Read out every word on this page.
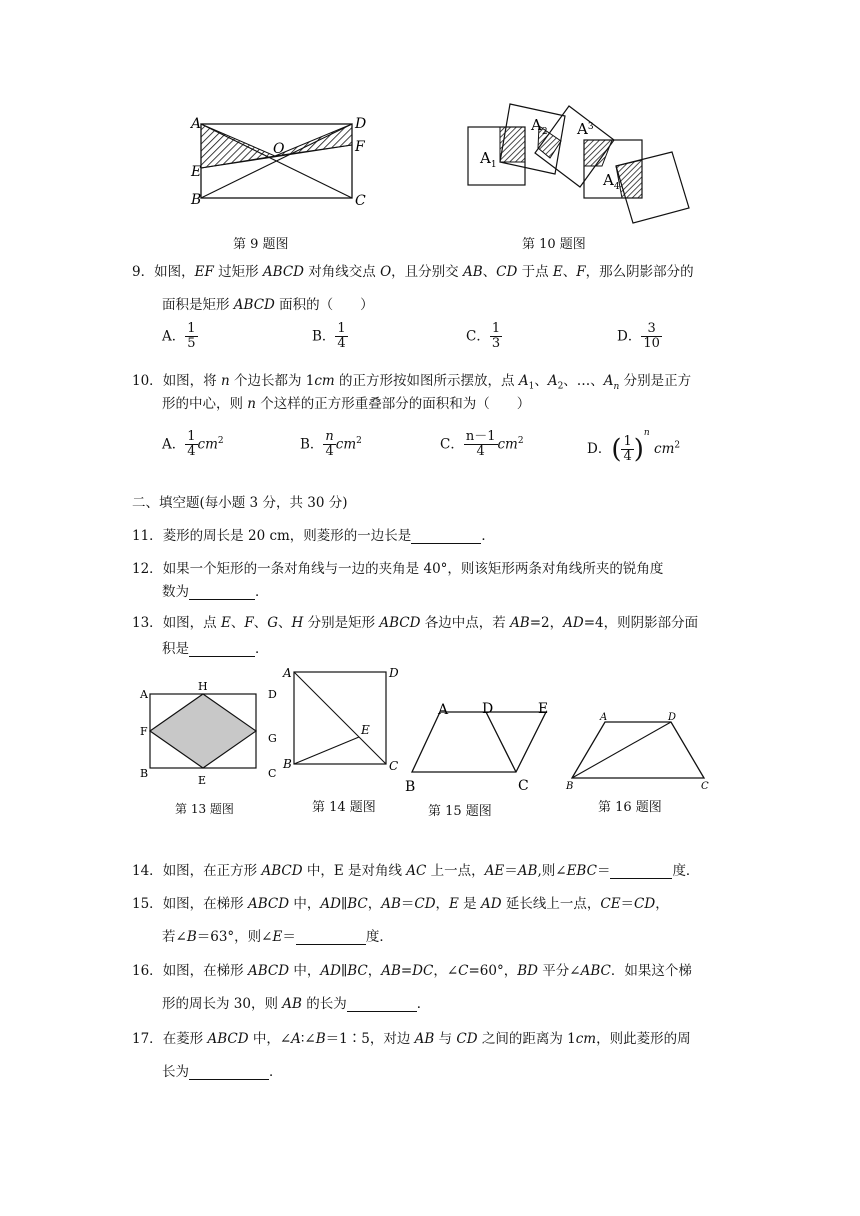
A	D
E
O	F
B	C
第 9 题图
$A_1$
$A_2$ $A^3$
$A_4$
第 10 题图
9．如图，EF 过矩形 ABCD 对角线交点 O，且分别交 AB、CD 于点 E、F，那么阴影部分的
面积是矩形 ABCD 面积的（　　）
A． $\frac{1}{5}$	B． $\frac{1}{4}$	C． $\frac{1}{3}$	D． $\frac{3}{10}$
10．如图，将 n 个边长都为 1cm 的正方形按如图所示摆放，点 $A_1$、$A_2$、…、$A_n$ 分别是正方
形的中心，则 n 个这样的正方形重叠部分的面积和为（　　）
A． $\frac{1}{4} cm^2$	B． $\frac{n}{4} cm^2$	C． $\frac{n-1}{4} cm^2$
D．( $\frac{1}{4} )^n$ $cm^2$
二、填空题(每小题 3 分，共 30 分)
11．菱形的周长是 20 cm，则菱形的一边长是	．
12．如果一个矩形的一条对角线与一边的夹角是 40°，则该矩形两条对角线所夹的锐角度
数为	．
13．如图，点 E、F、G、H 分别是矩形 ABCD 各边中点，若 AB=2，AD=4，则阴影部分面
积是	．
A
H
D
F
G
B
E
C
第 13 题图
A	D
E
B	C
第 14 题图
A D	E
B	C
第 15 题图
A	D
B	C
第 16 题图
14．如图，在正方形 ABCD 中，E 是对角线 AC 上一点，AE＝AB,则∠EBC＝	度．
15．如图，在梯形 ABCD 中，AD∥BC，AB＝CD，E 是 AD 延长线上一点，CE＝CD，
若∠B＝63°，则∠E＝	度．
16．如图，在梯形 ABCD 中，AD∥BC，AB=DC，∠C=60°，BD 平分∠ABC．如果这个梯
形的周长为 30，则 AB 的长为	．
17．在菱形 ABCD 中，∠A∶∠B＝1∶5，对边 AB 与 CD 之间的距离为 1cm，则此菱形的周
长为	．
